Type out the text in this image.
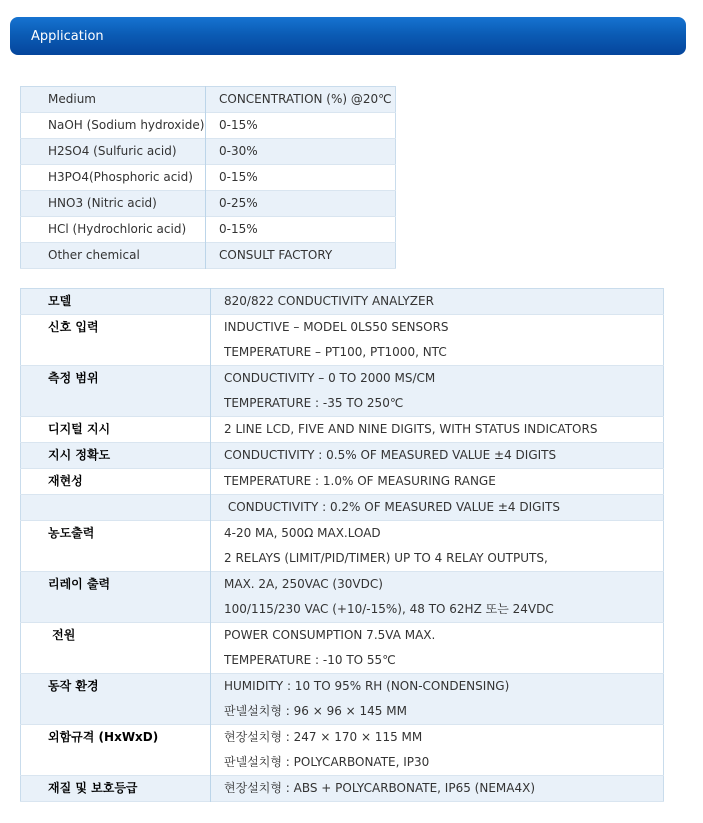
Application
Medium	CONCENTRATION (%) @20℃

NaOH (Sodium hydroxide)	0-15%

H2SO4 (Sulfuric acid)	0-30%

H3PO4(Phosphoric acid)	0-15%

HNO3 (Nitric acid)	0-25%

HCl (Hydrochloric acid)	0-15%

Other chemical	CONSULT FACTORY
모델	820/822 CONDUCTIVITY ANALYZER

신호 입력	INDUCTIVE – MODEL 0LS50 SENSORS
TEMPERATURE – PT100, PT1000, NTC

측정 범위	CONDUCTIVITY – 0 TO 2000 MS/CM
TEMPERATURE : -35 TO 250℃

디지털 지시	2 LINE LCD, FIVE AND NINE DIGITS, WITH STATUS INDICATORS

지시 정확도	CONDUCTIVITY : 0.5% OF MEASURED VALUE ±4 DIGITS

재현성	TEMPERATURE : 1.0% OF MEASURING RANGE

	CONDUCTIVITY : 0.2% OF MEASURED VALUE ±4 DIGITS

농도출력	4-20 MA, 500Ω MAX.LOAD
2 RELAYS (LIMIT/PID/TIMER) UP TO 4 RELAY OUTPUTS,

리레이 출력	MAX. 2A, 250VAC (30VDC)
100/115/230 VAC (+10/-15%), 48 TO 62HZ 또는 24VDC

전원	POWER CONSUMPTION 7.5VA MAX.
TEMPERATURE : -10 TO 55℃

동작 환경	HUMIDITY : 10 TO 95% RH (NON-CONDENSING)
판넬설치형 : 96 × 96 × 145 MM

외함규격 (HxWxD)	현장설치형 : 247 × 170 × 115 MM
판넬설치형 : POLYCARBONATE, IP30

재질 및 보호등급	현장설치형 : ABS + POLYCARBONATE, IP65 (NEMA4X)
